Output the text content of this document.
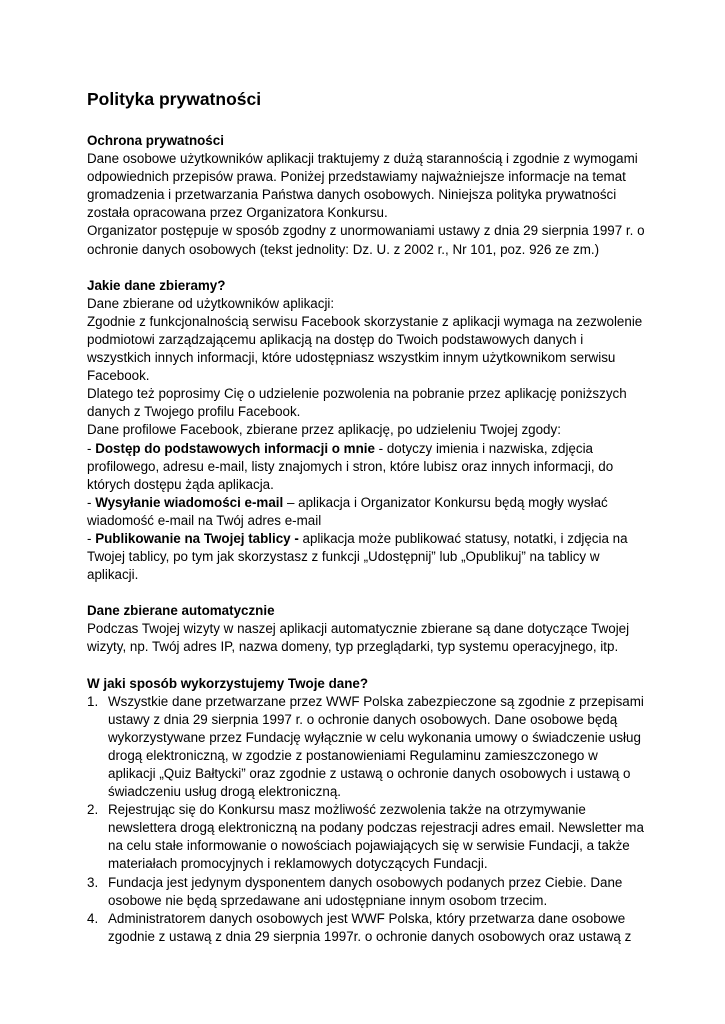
Polityka prywatności
Ochrona prywatności

Dane osobowe użytkowników aplikacji traktujemy z dużą starannością i zgodnie z wymogami odpowiednich przepisów prawa. Poniżej przedstawiamy najważniejsze informacje na temat gromadzenia i przetwarzania Państwa danych osobowych. Niniejsza polityka prywatności została opracowana przez Organizatora Konkursu.

Organizator postępuje w sposób zgodny z unormowaniami ustawy z dnia 29 sierpnia 1997 r. o ochronie danych osobowych (tekst jednolity: Dz. U. z 2002 r., Nr 101, poz. 926 ze zm.)

Jakie dane zbieramy?

Dane zbierane od użytkowników aplikacji:

Zgodnie z funkcjonalnością serwisu Facebook skorzystanie z aplikacji wymaga na zezwolenie podmiotowi zarządzającemu aplikacją na dostęp do Twoich podstawowych danych i wszystkich innych informacji, które udostępniasz wszystkim innym użytkownikom serwisu Facebook.

Dlatego też poprosimy Cię o udzielenie pozwolenia na pobranie przez aplikację poniższych danych z Twojego profilu Facebook.

Dane profilowe Facebook, zbierane przez aplikację, po udzieleniu Twojej zgody:

- Dostęp do podstawowych informacji o mnie - dotyczy imienia i nazwiska, zdjęcia profilowego, adresu e-mail, listy znajomych i stron, które lubisz oraz innych informacji, do których dostępu żąda aplikacja.

- Wysyłanie wiadomości e-mail – aplikacja i Organizator Konkursu będą mogły wysłać wiadomość e-mail na Twój adres e-mail

- Publikowanie na Twojej tablicy - aplikacja może publikować statusy, notatki, i zdjęcia na Twojej tablicy, po tym jak skorzystasz z funkcji „Udostępnij” lub „Opublikuj” na tablicy w aplikacji.

Dane zbierane automatycznie

Podczas Twojej wizyty w naszej aplikacji automatycznie zbierane są dane dotyczące Twojej wizyty, np. Twój adres IP, nazwa domeny, typ przeglądarki, typ systemu operacyjnego, itp.

W jaki sposób wykorzystujemy Twoje dane?
1. Wszystkie dane przetwarzane przez WWF Polska zabezpieczone są zgodnie z przepisami ustawy z dnia 29 sierpnia 1997 r. o ochronie danych osobowych. Dane osobowe będą wykorzystywane przez Fundację wyłącznie w celu wykonania umowy o świadczenie usług drogą elektroniczną, w zgodzie z postanowieniami Regulaminu zamieszczonego w aplikacji „Quiz Bałtycki” oraz zgodnie z ustawą o ochronie danych osobowych i ustawą o świadczeniu usług drogą elektroniczną.
2. Rejestrując się do Konkursu masz możliwość zezwolenia także na otrzymywanie newslettera drogą elektroniczną na podany podczas rejestracji adres email. Newsletter ma na celu stałe informowanie o nowościach pojawiających się w serwisie Fundacji, a także materiałach promocyjnych i reklamowych dotyczących Fundacji.
3. Fundacja jest jedynym dysponentem danych osobowych podanych przez Ciebie. Dane osobowe nie będą sprzedawane ani udostępniane innym osobom trzecim.
4. Administratorem danych osobowych jest WWF Polska, który przetwarza dane osobowe zgodnie z ustawą z dnia 29 sierpnia 1997r. o ochronie danych osobowych oraz ustawą z
